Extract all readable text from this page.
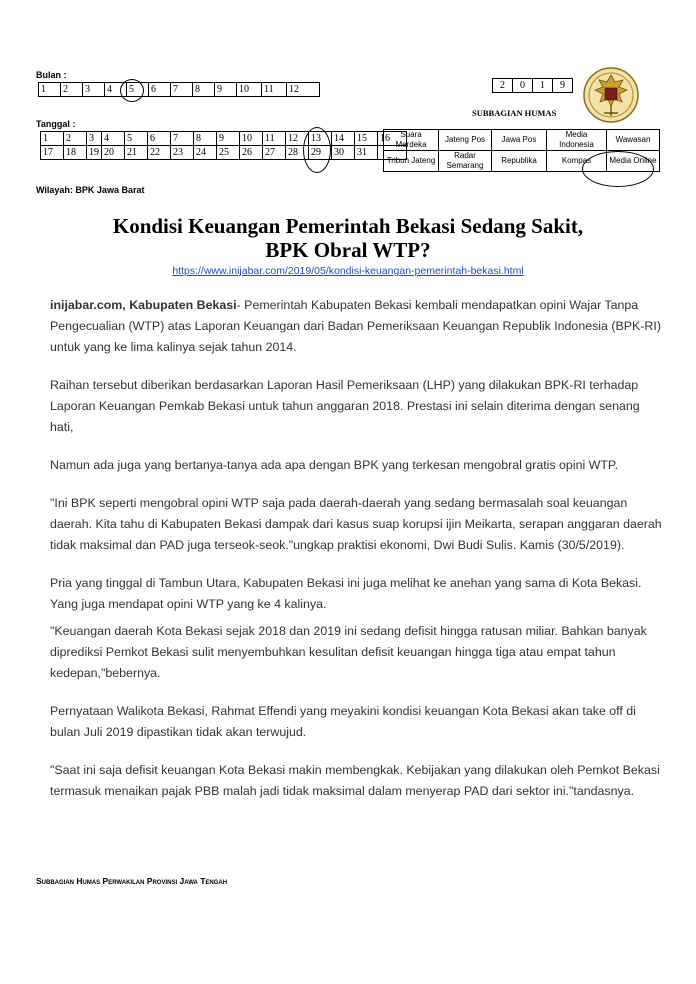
Bulan :
1	2	3	4	5	6	7	8	9	10	11	12
Tanggal :
1	2	3	4	5	6	7	8	9	10	11	12	13	14	15	16
17	18	19	20	21	22	23	24	25	26	27	28	29	30	31	
Wilayah: BPK Jawa Barat
2	0	1	9
SUBBAGIAN HUMAS
Suara Merdeka	Jateng Pos	Jawa Pos	Media Indonesia	Wawasan
Tribun Jateng	Radar Semarang	Republika	Kompas	Media Online
Kondisi Keuangan Pemerintah Bekasi Sedang Sakit,
BPK Obral WTP?
https://www.inijabar.com/2019/05/kondisi-keuangan-pemerintah-bekasi.html

inijabar.com, Kabupaten Bekasi- Pemerintah Kabupaten Bekasi kembali mendapatkan opini Wajar Tanpa Pengecualian (WTP) atas Laporan Keuangan dari Badan Pemeriksaan Keuangan Republik Indonesia (BPK-RI) untuk yang ke lima kalinya sejak tahun 2014.

Raihan tersebut diberikan berdasarkan Laporan Hasil Pemeriksaan (LHP) yang dilakukan BPK-RI terhadap Laporan Keuangan Pemkab Bekasi untuk tahun anggaran 2018. Prestasi ini selain diterima dengan senang hati,

Namun ada juga yang bertanya-tanya ada apa dengan BPK yang terkesan mengobral gratis opini WTP.

"Ini BPK seperti mengobral opini WTP saja pada daerah-daerah yang sedang bermasalah soal keuangan daerah. Kita tahu di Kabupaten Bekasi dampak dari kasus suap korupsi ijin Meikarta, serapan anggaran daerah tidak maksimal dan PAD juga terseok-seok."ungkap praktisi ekonomi, Dwi Budi Sulis. Kamis (30/5/2019).

Pria yang tinggal di Tambun Utara, Kabupaten Bekasi ini juga melihat ke anehan yang sama di Kota Bekasi. Yang juga mendapat opini WTP yang ke 4 kalinya.

"Keuangan daerah Kota Bekasi sejak 2018 dan 2019 ini sedang defisit hingga ratusan miliar. Bahkan banyak diprediksi Pemkot Bekasi sulit menyembuhkan kesulitan defisit keuangan hingga tiga atau empat tahun kedepan,"bebernya.

Pernyataan Walikota Bekasi, Rahmat Effendi yang meyakini kondisi keuangan Kota Bekasi akan take off di bulan Juli 2019 dipastikan tidak akan terwujud.

"Saat ini saja defisit keuangan Kota Bekasi makin membengkak. Kebijakan yang dilakukan oleh Pemkot Bekasi termasuk menaikan pajak PBB malah jadi tidak maksimal dalam menyerap PAD dari sektor ini."tandasnya.

Subbagian Humas Perwakilan Provinsi Jawa Tengah
